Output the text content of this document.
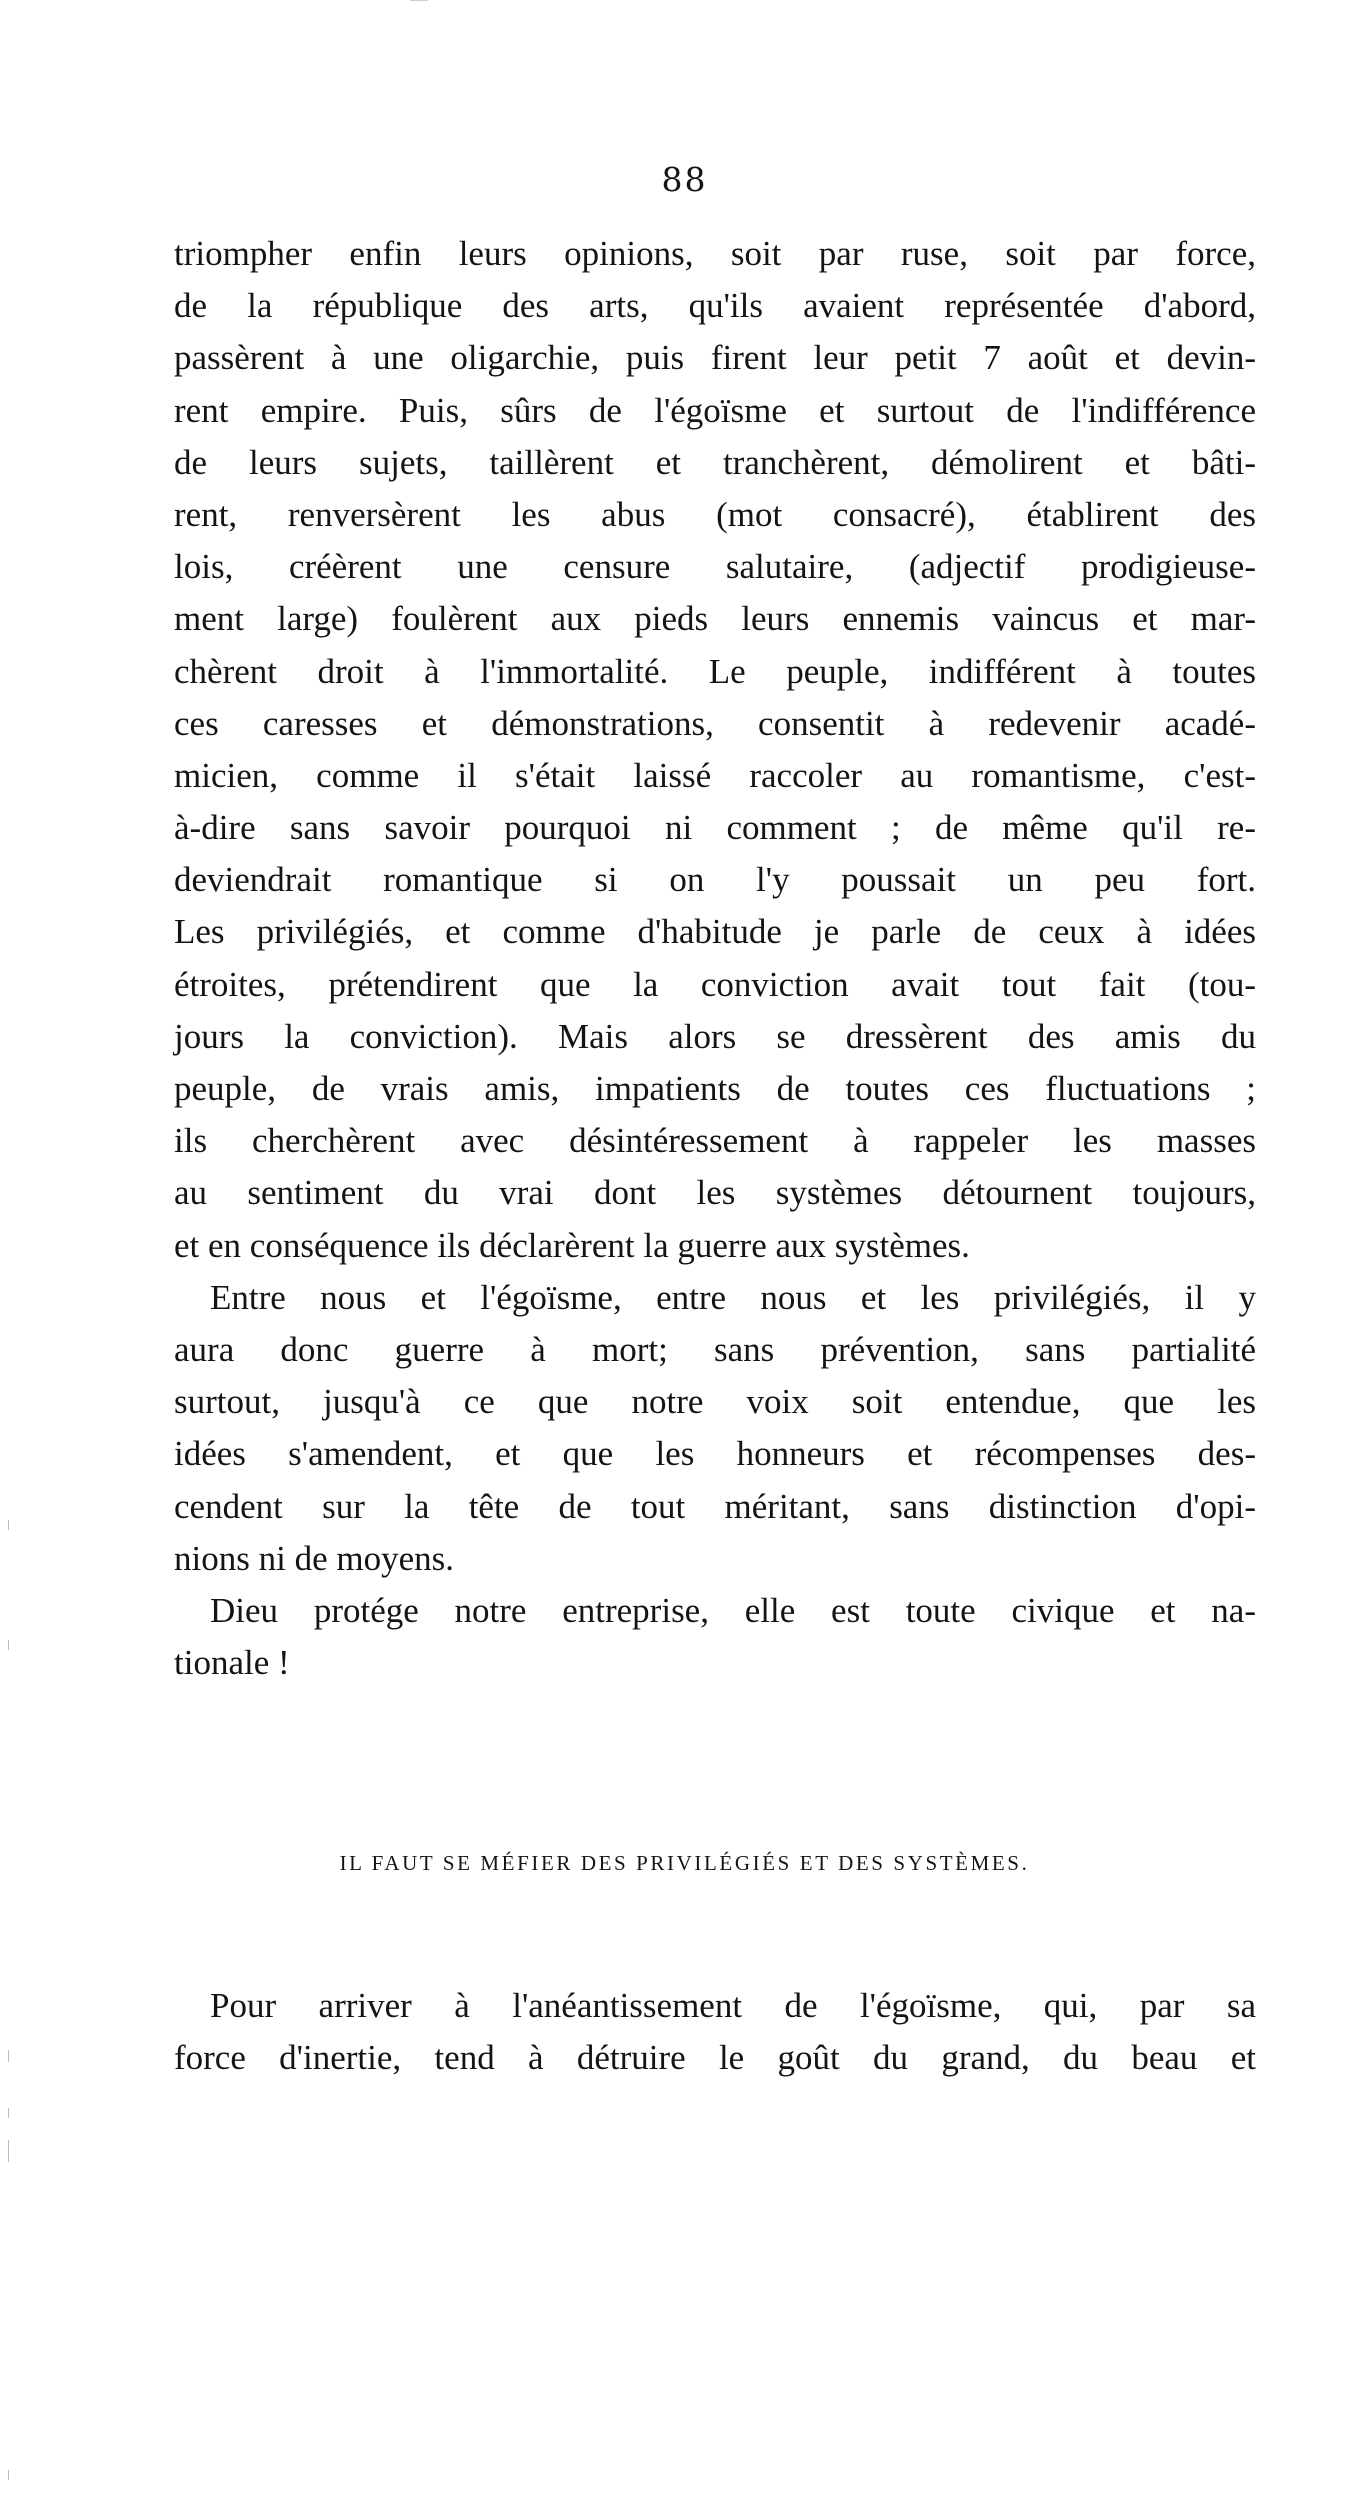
88
triompher enfin leurs opinions, soit par ruse, soit par force,
de la république des arts, qu'ils avaient représentée d'abord,
passèrent à une oligarchie, puis firent leur petit 7 août et devin-
rent empire. Puis, sûrs de l'égoïsme et surtout de l'indifférence
de leurs sujets, taillèrent et tranchèrent, démolirent et bâti-
rent, renversèrent les abus (mot consacré), établirent des
lois, créèrent une censure salutaire, (adjectif prodigieuse-
ment large) foulèrent aux pieds leurs ennemis vaincus et mar-
chèrent droit à l'immortalité. Le peuple, indifférent à toutes
ces caresses et démonstrations, consentit à redevenir acadé-
micien, comme il s'était laissé raccoler au romantisme, c'est-
à-dire sans savoir pourquoi ni comment ; de même qu'il re-
deviendrait romantique si on l'y poussait un peu fort.
Les privilégiés, et comme d'habitude je parle de ceux à idées
étroites, prétendirent que la conviction avait tout fait (tou-
jours la conviction). Mais alors se dressèrent des amis du
peuple, de vrais amis, impatients de toutes ces fluctuations ;
ils cherchèrent avec désintéressement à rappeler les masses
au sentiment du vrai dont les systèmes détournent toujours,
et en conséquence ils déclarèrent la guerre aux systèmes.
Entre nous et l'égoïsme, entre nous et les privilégiés, il y
aura donc guerre à mort; sans prévention, sans partialité
surtout, jusqu'à ce que notre voix soit entendue, que les
idées s'amendent, et que les honneurs et récompenses des-
cendent sur la tête de tout méritant, sans distinction d'opi-
nions ni de moyens.
Dieu protége notre entreprise, elle est toute civique et na-
tionale !
IL FAUT SE MÉFIER DES PRIVILÉGIÉS ET DES SYSTÈMES.
Pour arriver à l'anéantissement de l'égoïsme, qui, par sa
force d'inertie, tend à détruire le goût du grand, du beau et
